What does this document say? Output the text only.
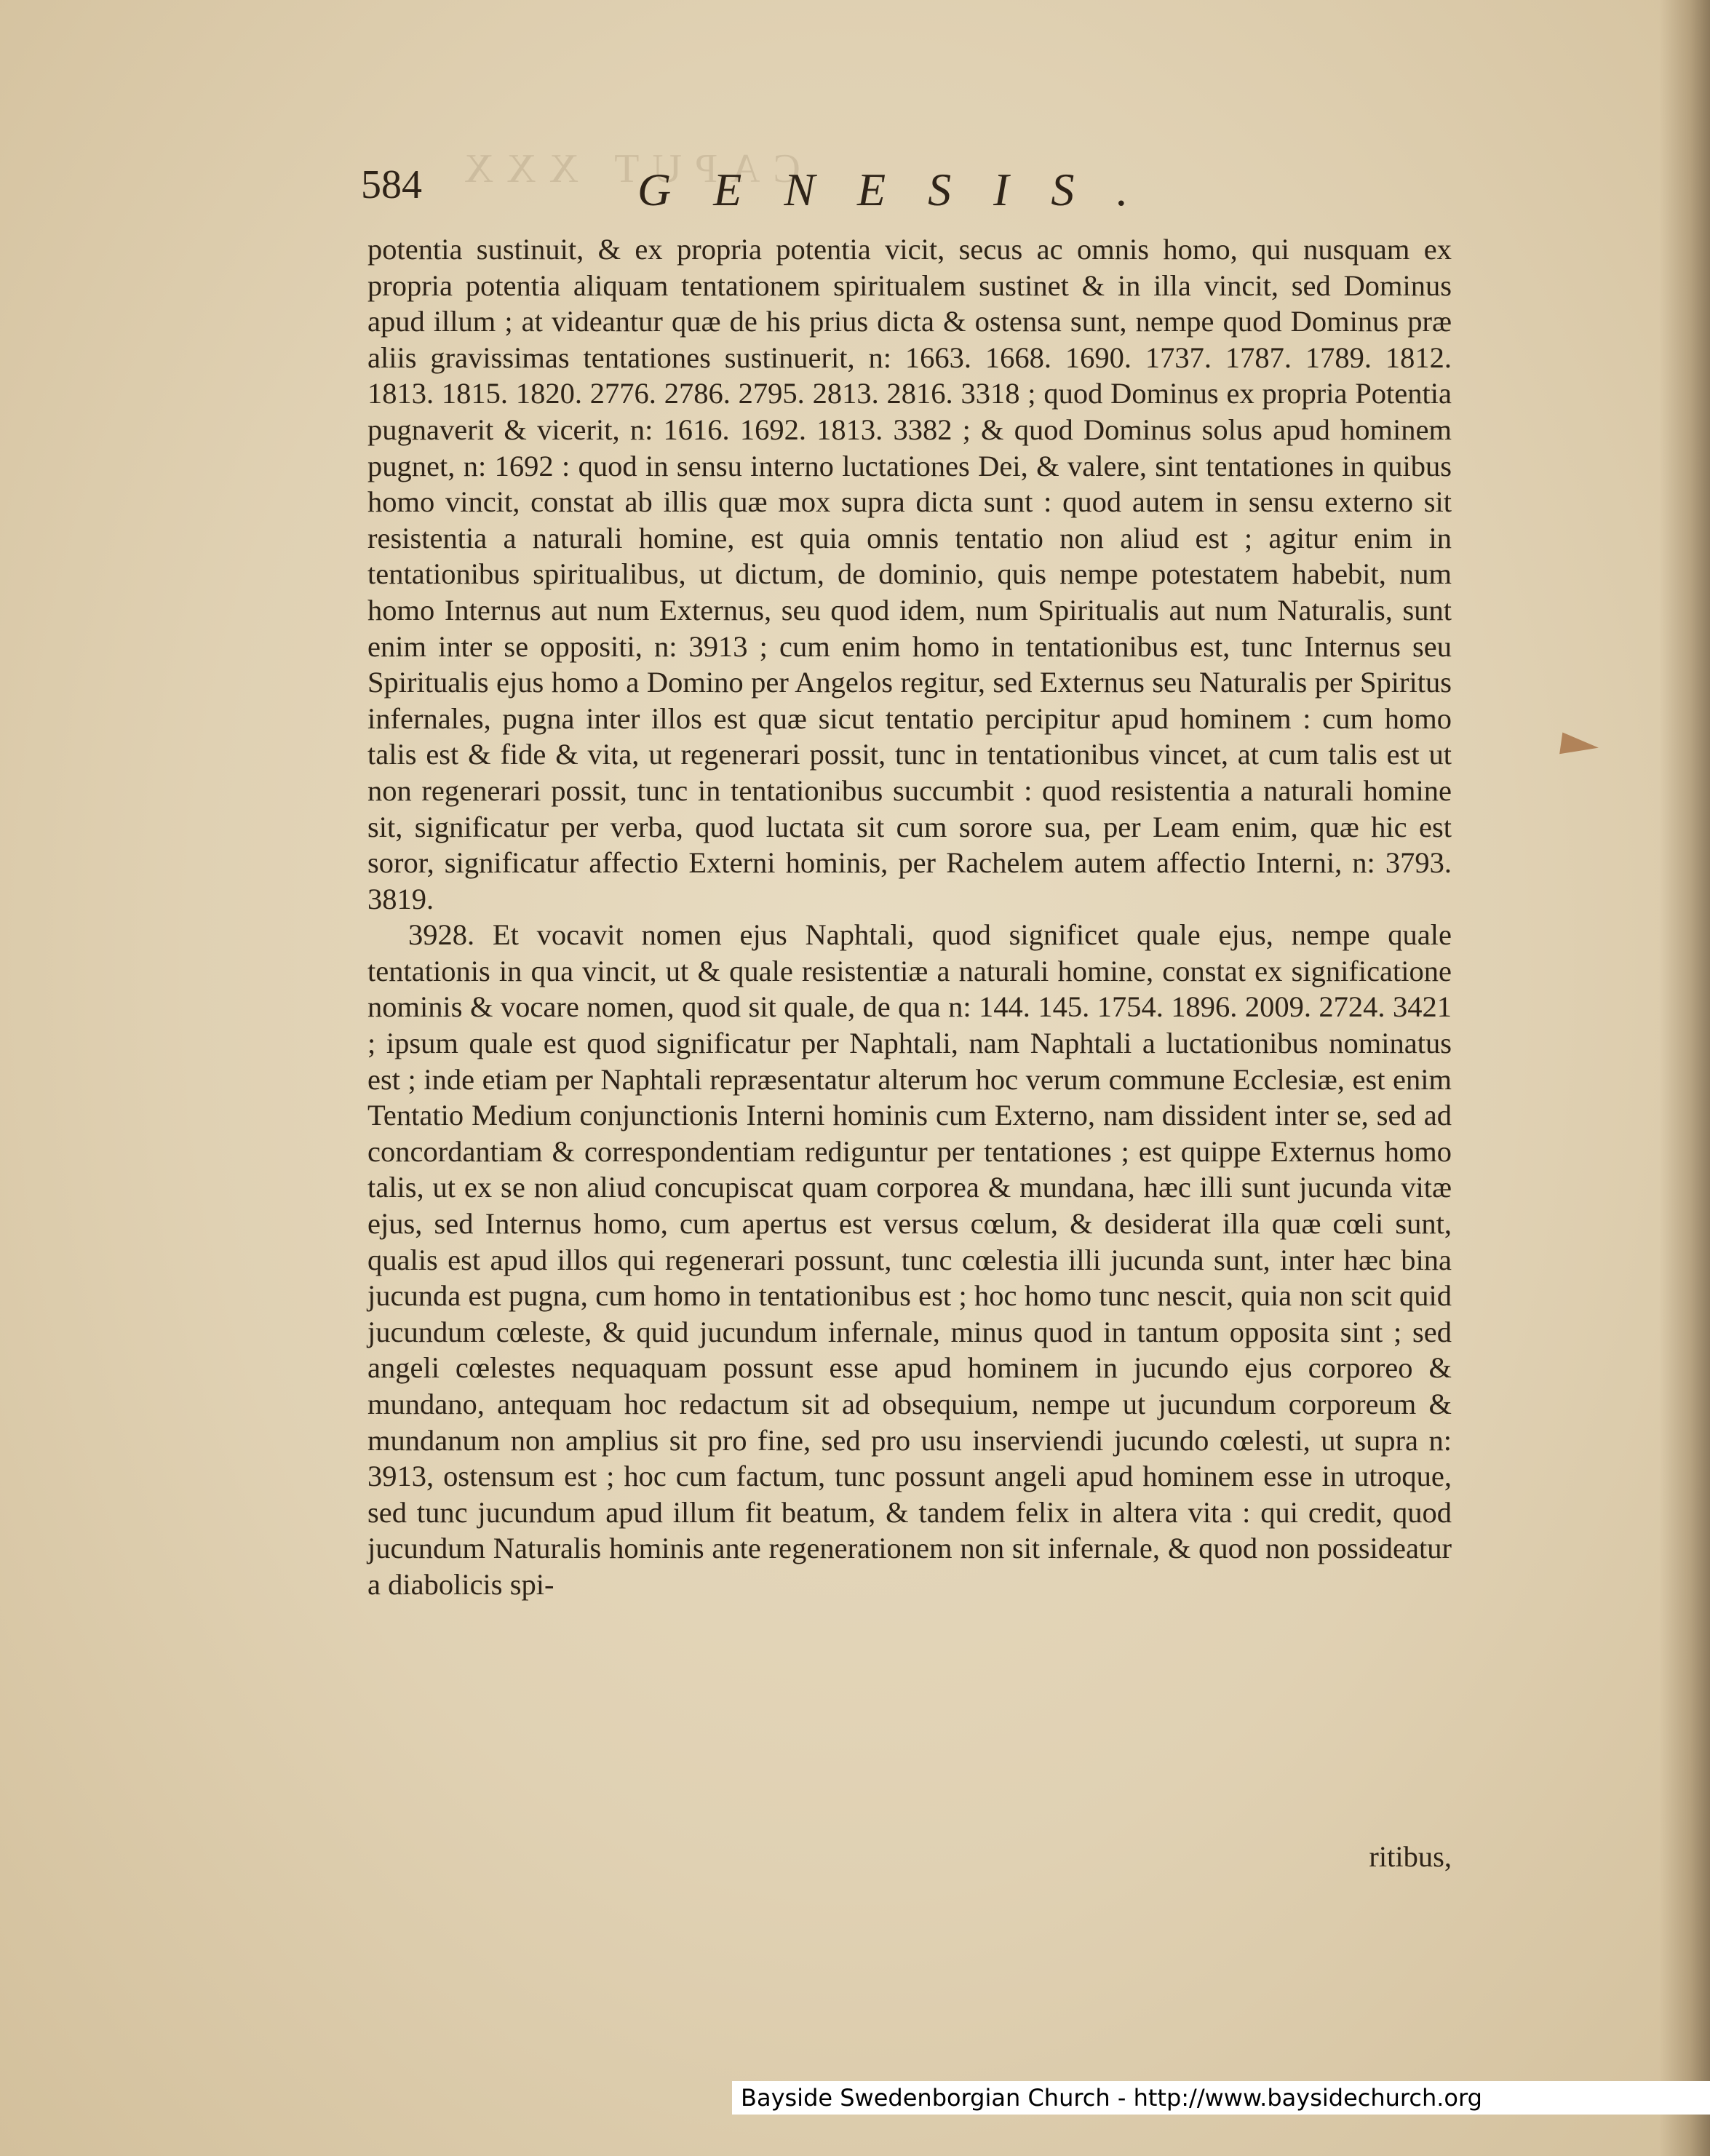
CAPUT XXX
584	GENESIS.

potentia sustinuit, & ex propria potentia vicit, secus ac omnis homo, qui nusquam ex propria potentia aliquam tentationem spiritualem sustinet & in illa vincit, sed Dominus apud illum ; at videantur quæ de his prius dicta & ostensa sunt, nempe quod Dominus præ aliis gravissimas tentationes sustinuerit, n: 1663. 1668. 1690. 1737. 1787. 1789. 1812. 1813. 1815. 1820. 2776. 2786. 2795. 2813. 2816. 3318 ; quod Dominus ex propria Potentia pugnaverit & vicerit, n: 1616. 1692. 1813. 3382 ; & quod Dominus solus apud hominem pugnet, n: 1692 : quod in sensu interno luctationes Dei, & valere, sint tentationes in quibus homo vincit, constat ab illis quæ mox supra dicta sunt : quod autem in sensu externo sit resistentia a naturali homine, est quia omnis tentatio non aliud est ; agitur enim in tentationibus spiritualibus, ut dictum, de dominio, quis nempe potestatem habebit, num homo Internus aut num Externus, seu quod idem, num Spiritualis aut num Naturalis, sunt enim inter se oppositi, n: 3913 ; cum enim homo in tentationibus est, tunc Internus seu Spiritualis ejus homo a Domino per Angelos regitur, sed Externus seu Naturalis per Spiritus infernales, pugna inter illos est quæ sicut tentatio percipitur apud hominem : cum homo talis est & fide & vita, ut regenerari possit, tunc in tentationibus vincet, at cum talis est ut non regenerari possit, tunc in tentationibus succumbit : quod resistentia a naturali homine sit, significatur per verba, quod luctata sit cum sorore sua, per Leam enim, quæ hic est soror, significatur affectio Externi hominis, per Rachelem autem affectio Interni, n: 3793. 3819.

3928. Et vocavit nomen ejus Naphtali, quod significet quale ejus, nempe quale tentationis in qua vincit, ut & quale resistentiæ a naturali homine, constat ex significatione nominis & vocare nomen, quod sit quale, de qua n: 144. 145. 1754. 1896. 2009. 2724. 3421 ; ipsum quale est quod significatur per Naphtali, nam Naphtali a luctationibus nominatus est ; inde etiam per Naphtali repræsentatur alterum hoc verum commune Ecclesiæ, est enim Tentatio Medium conjunctionis Interni hominis cum Externo, nam dissident inter se, sed ad concordantiam & correspondentiam rediguntur per tentationes ; est quippe Externus homo talis, ut ex se non aliud concupiscat quam corporea & mundana, hæc illi sunt jucunda vitæ ejus, sed Internus homo, cum apertus est versus cœlum, & desiderat illa quæ cœli sunt, qualis est apud illos qui regenerari possunt, tunc cœlestia illi jucunda sunt, inter hæc bina jucunda est pugna, cum homo in tentationibus est ; hoc homo tunc nescit, quia non scit quid jucundum cœleste, & quid jucundum infernale, minus quod in tantum opposita sint ; sed angeli cœlestes nequaquam possunt esse apud hominem in jucundo ejus corporeo & mundano, antequam hoc redactum sit ad obsequium, nempe ut jucundum corporeum & mundanum non amplius sit pro fine, sed pro usu inserviendi jucundo cœlesti, ut supra n: 3913, ostensum est ; hoc cum factum, tunc possunt angeli apud hominem esse in utroque, sed tunc jucundum apud illum fit beatum, & tandem felix in altera vita : qui credit, quod jucundum Naturalis hominis ante regenerationem non sit infernale, & quod non possideatur a diabolicis spi-

ritibus,
Bayside Swedenborgian Church - http://www.baysidechurch.org
